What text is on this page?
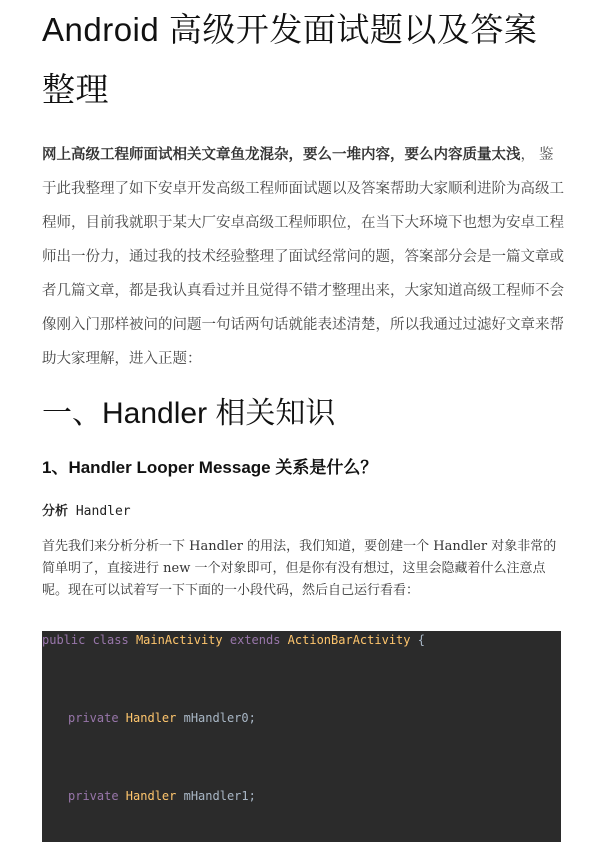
Android 高级开发面试题以及答案整理

网上高级工程师面试相关文章鱼龙混杂，要么一堆内容，要么内容质量太浅， 鉴于此我整理了如下安卓开发高级工程师面试题以及答案帮助大家顺利进阶为高级工程师，目前我就职于某大厂安卓高级工程师职位，在当下大环境下也想为安卓工程师出一份力，通过我的技术经验整理了面试经常问的题，答案部分会是一篇文章或者几篇文章，都是我认真看过并且觉得不错才整理出来，大家知道高级工程师不会像刚入门那样被问的问题一句话两句话就能表述清楚，所以我通过过滤好文章来帮助大家理解，进入正题：

一、Handler 相关知识
1、Handler Looper Message 关系是什么？

分析 Handler

首先我们来分析分析一下 Handler 的用法，我们知道，要创建一个 Handler 对象非常的简单明了，直接进行 new 一个对象即可，但是你有没有想过，这里会隐藏着什么注意点呢。现在可以试着写一下下面的一小段代码，然后自己运行看看：

public class MainActivity extends ActionBarActivity {
private Handler mHandler0;
private Handler mHandler1;
